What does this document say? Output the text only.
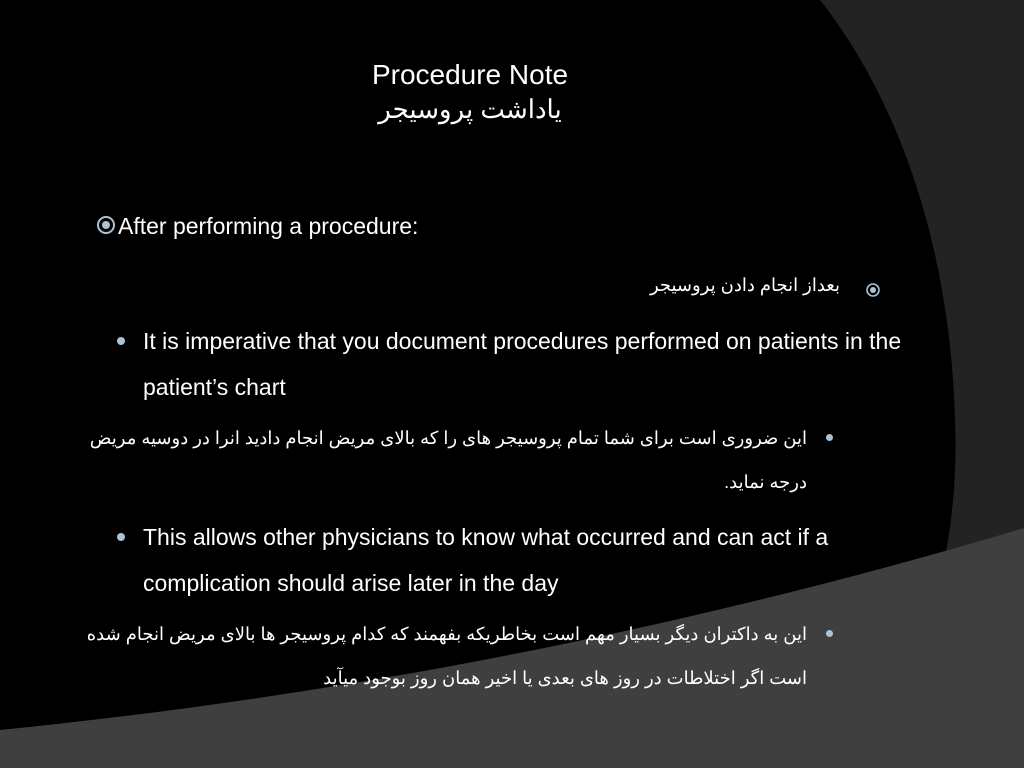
Procedure Note
یاداشت پروسیجر
After performing a procedure:
بعداز انجام دادن پروسیجر
It is imperative that you document procedures performed on patients in the patient’s chart
این ضروری است برای شما تمام پروسیجر های را که بالای مریض انجام دادید انرا در دوسیه مریض درجه نماید.
This allows other physicians to know what occurred and can act if a complication should arise later in the day
این به داکتران دیگر بسیار مهم است بخاطریکه بفهمند که کدام پروسیجر ها بالای مریض انجام شده است اگر اختلاطات در روز های بعدی یا اخیر همان روز بوجود میآید
